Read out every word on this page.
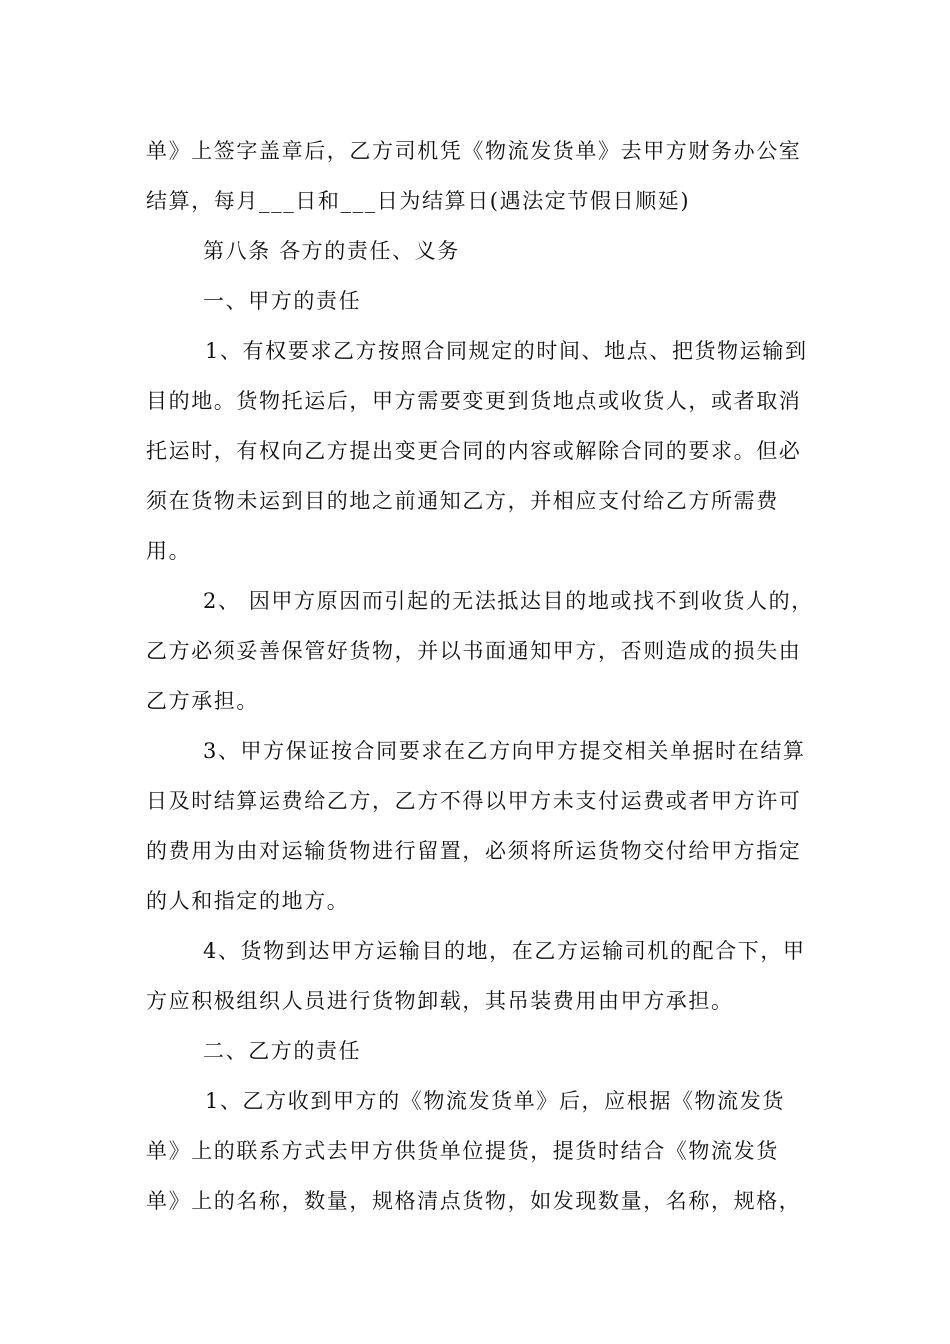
单》上签字盖章后，乙方司机凭《物流发货单》去甲方财务办公室
结算，每月___日和___日为结算日(遇法定节假日顺延)
第八条 各方的责任、义务
一、甲方的责任
1、有权要求乙方按照合同规定的时间、地点、把货物运输到
目的地。货物托运后，甲方需要变更到货地点或收货人，或者取消
托运时，有权向乙方提出变更合同的内容或解除合同的要求。但必
须在货物未运到目的地之前通知乙方，并相应支付给乙方所需费
用。
2、 因甲方原因而引起的无法抵达目的地或找不到收货人的，
乙方必须妥善保管好货物，并以书面通知甲方，否则造成的损失由
乙方承担。
3、甲方保证按合同要求在乙方向甲方提交相关单据时在结算
日及时结算运费给乙方，乙方不得以甲方未支付运费或者甲方许可
的费用为由对运输货物进行留置，必须将所运货物交付给甲方指定
的人和指定的地方。
4、货物到达甲方运输目的地，在乙方运输司机的配合下，甲
方应积极组织人员进行货物卸载，其吊装费用由甲方承担。
二、乙方的责任
1、乙方收到甲方的《物流发货单》后，应根据《物流发货
单》上的联系方式去甲方供货单位提货，提货时结合《物流发货
单》上的名称，数量，规格清点货物，如发现数量，名称，规格，
